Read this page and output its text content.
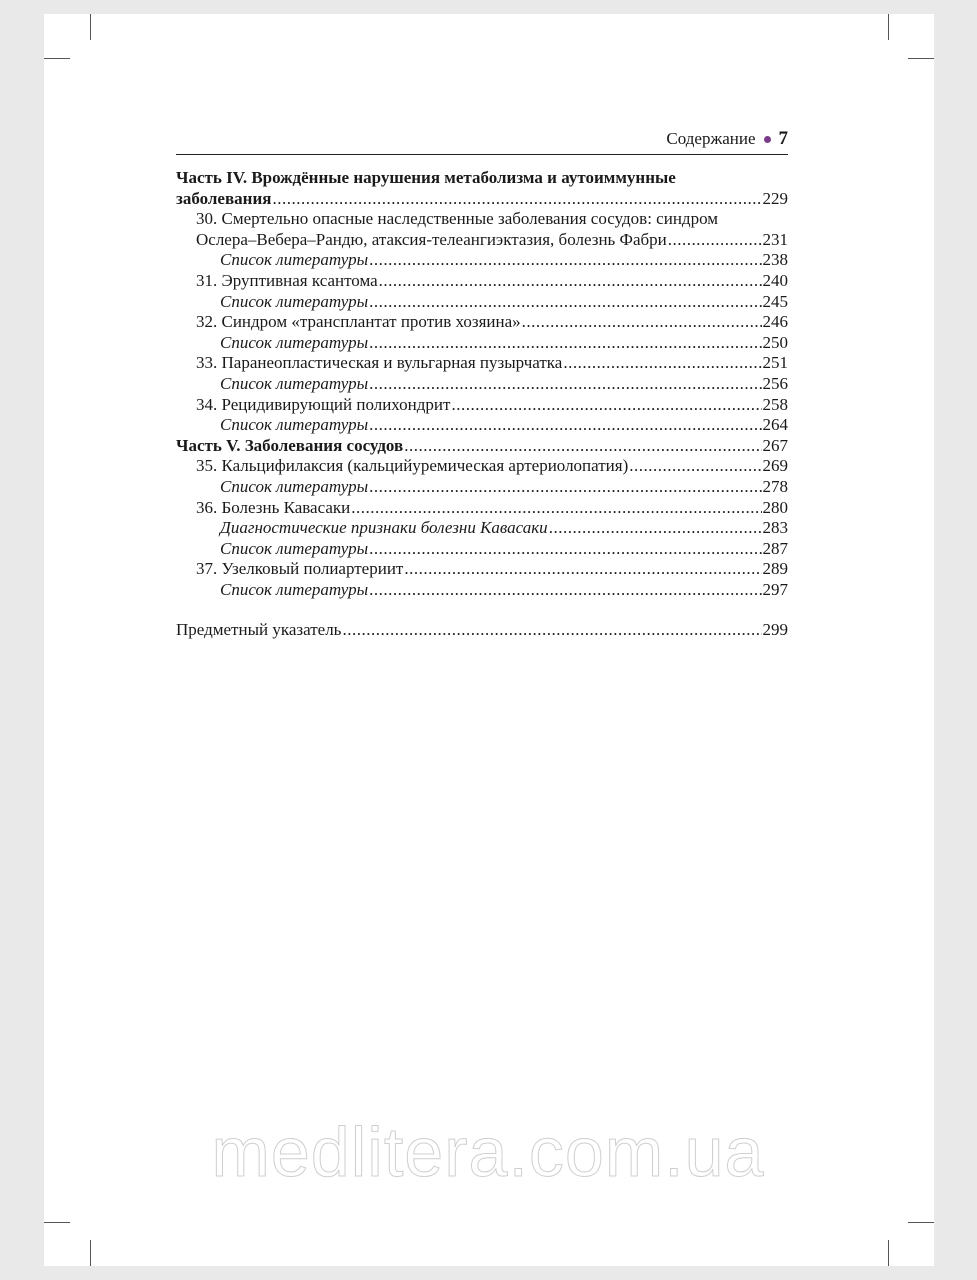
Содержание 7
Часть IV. Врождённые нарушения метаболизма и аутоиммунные
заболевания .....	229
30. Смертельно опасные наследственные заболевания сосудов: синдром
Ослера–Вебера–Рандю, атаксия-телеангиэктазия, болезнь Фабри .....	231
Список литературы .....	238
31. Эруптивная ксантома .....	240
Список литературы .....	245
32. Синдром «трансплантат против хозяина» .....	246
Список литературы .....	250
33. Паранеопластическая и вульгарная пузырчатка .....	251
Список литературы .....	256
34. Рецидивирующий полихондрит .....	258
Список литературы .....	264
Часть V. Заболевания сосудов .....	267
35. Кальцифилаксия (кальцийуремическая артериолопатия) .....	269
Список литературы .....	278
36. Болезнь Кавасаки .....	280
Диагностические признаки болезни Кавасаки .....	283
Список литературы .....	287
37. Узелковый полиартериит .....	289
Список литературы .....	297
Предметный указатель .....	299
medlitera.com.ua
